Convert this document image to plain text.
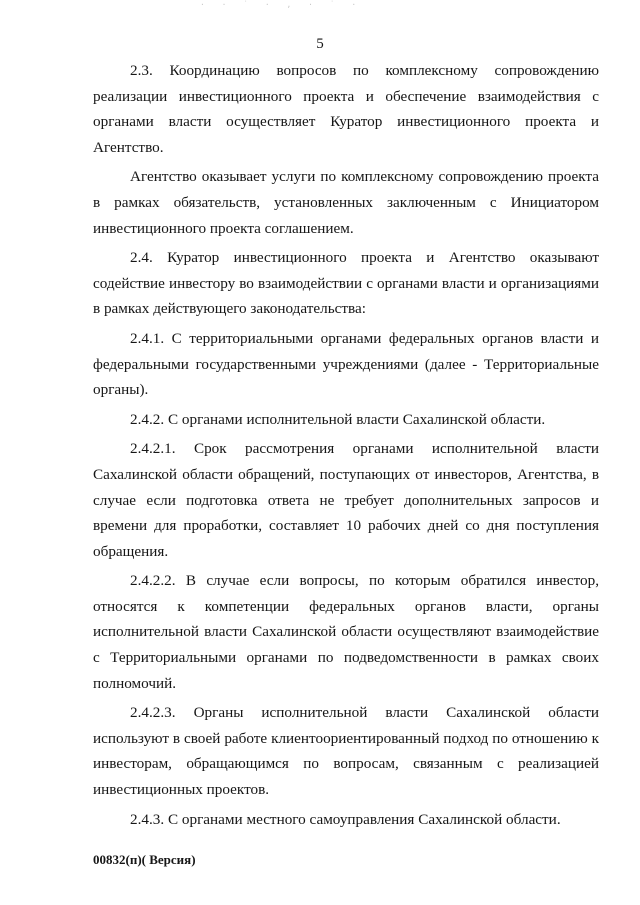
· · ˙ · , · ˙ ·
5

2.3. Координацию вопросов по комплексному сопровождению реализации инвестиционного проекта и обеспечение взаимодействия с органами власти осуществляет Куратор инвестиционного проекта и Агентство.

Агентство оказывает услуги по комплексному сопровождению проекта в рамках обязательств, установленных заключенным с Инициатором инвестиционного проекта соглашением.

2.4. Куратор инвестиционного проекта и Агентство оказывают содействие инвестору во взаимодействии с органами власти и организациями в рамках действующего законодательства:

2.4.1. С территориальными органами федеральных органов власти и федеральными государственными учреждениями (далее - Территориальные органы).

2.4.2. С органами исполнительной власти Сахалинской области.

2.4.2.1. Срок рассмотрения органами исполнительной власти Сахалинской области обращений, поступающих от инвесторов, Агентства, в случае если подготовка ответа не требует дополнительных запросов и времени для проработки, составляет 10 рабочих дней со дня поступления обращения.

2.4.2.2. В случае если вопросы, по которым обратился инвестор, относятся к компетенции федеральных органов власти, органы исполнительной власти Сахалинской области осуществляют взаимодействие с Территориальными органами по подведомственности в рамках своих полномочий.

2.4.2.3. Органы исполнительной власти Сахалинской области используют в своей работе клиентоориентированный подход по отношению к инвесторам, обращающимся по вопросам, связанным с реализацией инвестиционных проектов.

2.4.3. С органами местного самоуправления Сахалинской области.

00832(п)( Версия)
